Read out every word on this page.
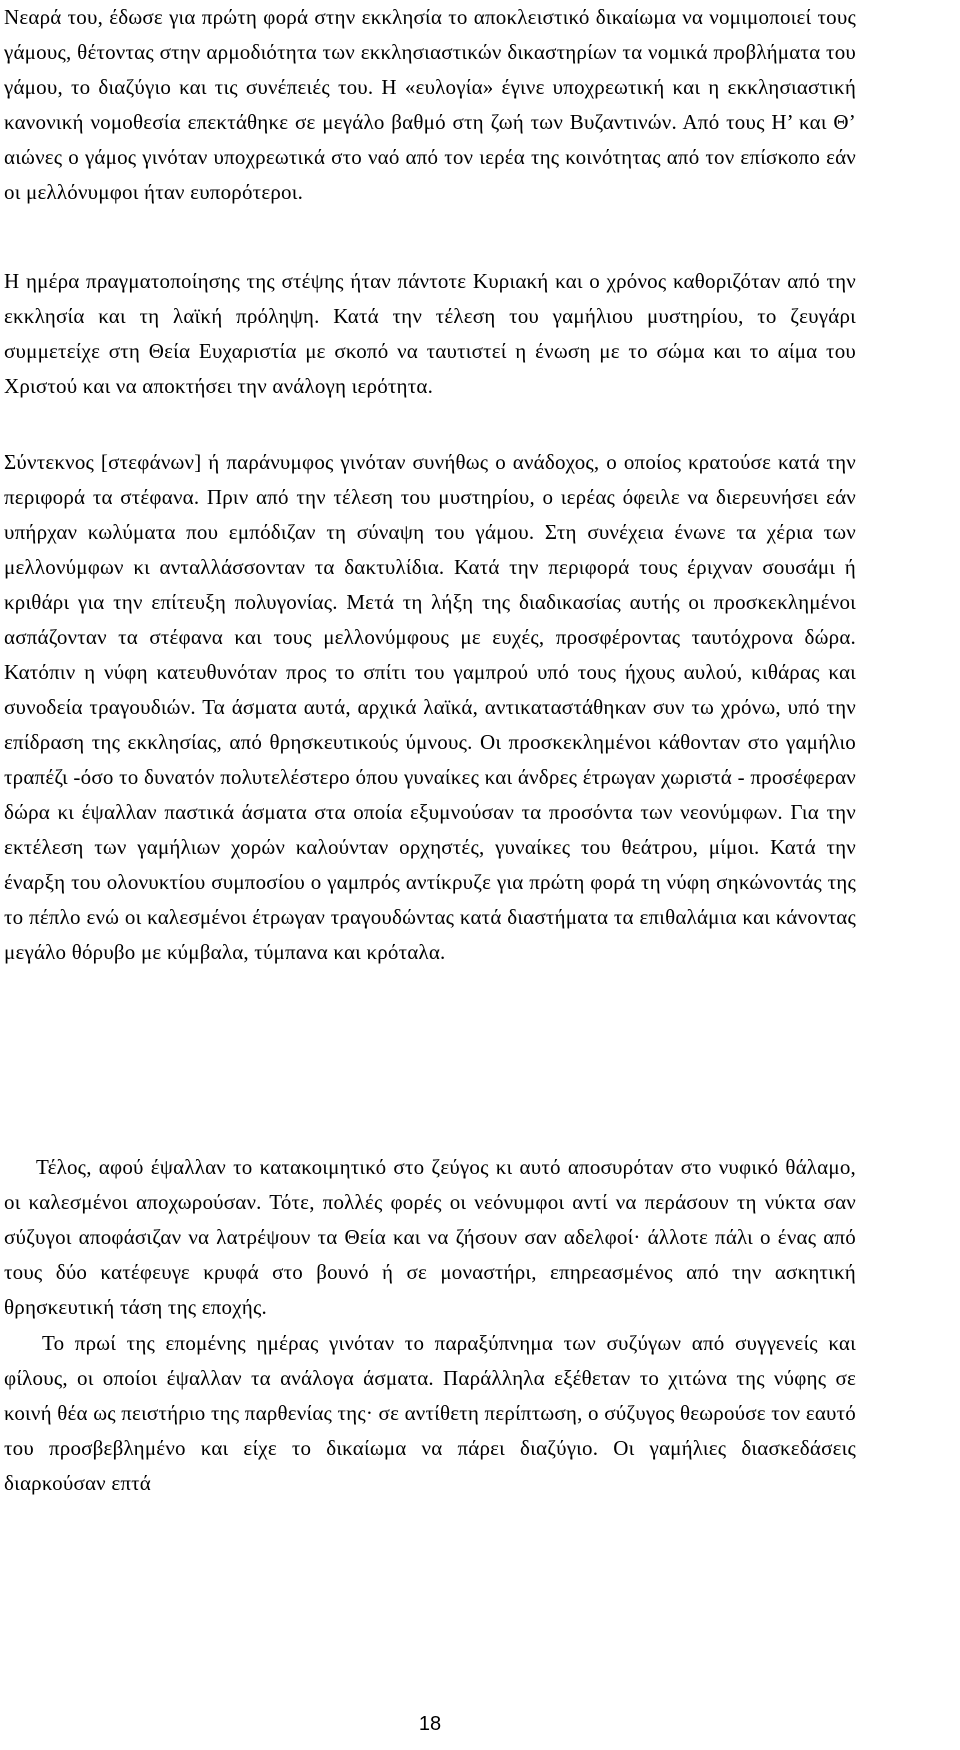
Νεαρά του, έδωσε για πρώτη φορά στην εκκλησία το αποκλειστικό δικαίωμα να νομιμοποιεί τους γάμους, θέτοντας στην αρμοδιότητα των εκκλησιαστικών δικαστηρίων τα νομικά προβλήματα του γάμου, το διαζύγιο και τις συνέπειές του. Η «ευλογία» έγινε υποχρεωτική και η εκκλησιαστική κανονική νομοθεσία επεκτάθηκε σε μεγάλο βαθμό στη ζωή των Βυζαντινών. Από τους Η’ και Θ’ αιώνες ο γάμος γινόταν υποχρεωτικά στο ναό από τον ιερέα της κοινότητας από τον επίσκοπο εάν οι μελλόνυμφοι ήταν ευπορότεροι.

Η ημέρα πραγματοποίησης της στέψης ήταν πάντοτε Κυριακή και ο χρόνος καθοριζόταν από την εκκλησία και τη λαϊκή πρόληψη. Κατά την τέλεση του γαμήλιου μυστηρίου, το ζευγάρι συμμετείχε στη Θεία Ευχαριστία με σκοπό να ταυτιστεί η ένωση με το σώμα και το αίμα του Χριστού και να αποκτήσει την ανάλογη ιερότητα.

Σύντεκνος [στεφάνων] ή παράνυμφος γινόταν συνήθως ο ανάδοχος, ο οποίος κρατούσε κατά την περιφορά τα στέφανα. Πριν από την τέλεση του μυστηρίου, ο ιερέας όφειλε να διερευνήσει εάν υπήρχαν κωλύματα που εμπόδιζαν τη σύναψη του γάμου. Στη συνέχεια ένωνε τα χέρια των μελλονύμφων κι ανταλλάσσονταν τα δακτυλίδια. Κατά την περιφορά τους έριχναν σουσάμι ή κριθάρι για την επίτευξη πολυγονίας. Μετά τη λήξη της διαδικασίας αυτής οι προσκεκλημένοι ασπάζονταν τα στέφανα και τους μελλονύμφους με ευχές, προσφέροντας ταυτόχρονα δώρα. Κατόπιν η νύφη κατευθυνόταν προς το σπίτι του γαμπρού υπό τους ήχους αυλού, κιθάρας και συνοδεία τραγουδιών. Τα άσματα αυτά, αρχικά λαϊκά, αντικαταστάθηκαν συν τω χρόνω, υπό την επίδραση της εκκλησίας, από θρησκευτικούς ύμνους. Οι προσκεκλημένοι κάθονταν στο γαμήλιο τραπέζι -όσο το δυνατόν πολυτελέστερο όπου γυναίκες και άνδρες έτρωγαν χωριστά - προσέφεραν δώρα κι έψαλλαν παστικά άσματα στα οποία εξυμνούσαν τα προσόντα των νεονύμφων. Για την εκτέλεση των γαμήλιων χορών καλούνταν ορχηστές, γυναίκες του θεάτρου, μίμοι. Κατά την έναρξη του ολονυκτίου συμποσίου ο γαμπρός αντίκρυζε για πρώτη φορά τη νύφη σηκώνοντάς της το πέπλο ενώ οι καλεσμένοι έτρωγαν τραγουδώντας κατά διαστήματα τα επιθαλάμια και κάνοντας μεγάλο θόρυβο με κύμβαλα, τύμπανα και κρόταλα.

Τέλος, αφού έψαλλαν το κατακοιμητικό στο ζεύγος κι αυτό αποσυρόταν στο νυφικό θάλαμο, οι καλεσμένοι αποχωρούσαν. Τότε, πολλές φορές οι νεόνυμφοι αντί να περάσουν τη νύκτα σαν σύζυγοι αποφάσιζαν να λατρέψουν τα Θεία και να ζήσουν σαν αδελφοί· άλλοτε πάλι ο ένας από τους δύο κατέφευγε κρυφά στο βουνό ή σε μοναστήρι, επηρεασμένος από την ασκητική θρησκευτική τάση της εποχής.

Το πρωί της επομένης ημέρας γινόταν το παραξύπνημα των συζύγων από συγγενείς και φίλους, οι οποίοι έψαλλαν τα ανάλογα άσματα. Παράλληλα εξέθεταν το χιτώνα της νύφης σε κοινή θέα ως πειστήριο της παρθενίας της· σε αντίθετη περίπτωση, ο σύζυγος θεωρούσε τον εαυτό του προσβεβλημένο και είχε το δικαίωμα να πάρει διαζύγιο. Οι γαμήλιες διασκεδάσεις διαρκούσαν επτά

18
